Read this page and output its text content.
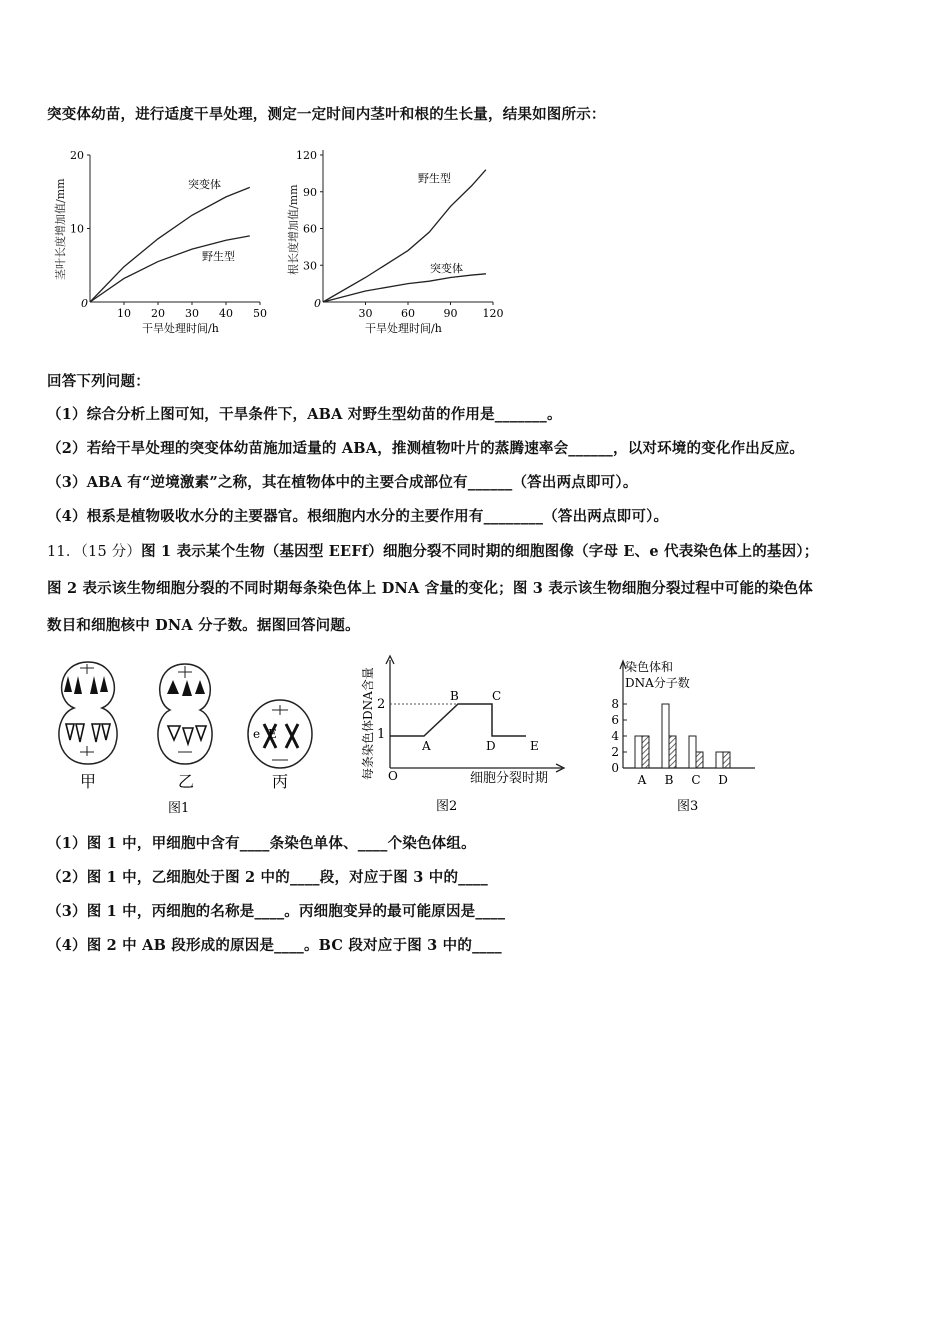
突变体幼苗，进行适度干旱处理，测定一定时间内茎叶和根的生长量，结果如图所示：
茎叶长度增加值/mm
0
20
10
10 20 30 40 50
突变体
野生型
干旱处理时间/h
根长度增加值/mm
0
120
90
60
30
30	60	90 120
野生型
突变体
干旱处理时间/h
回答下列问题：
（1）综合分析上图可知，干旱条件下，ABA 对野生型幼苗的作用是_______。
（2）若给干旱处理的突变体幼苗施加适量的 ABA，推测植物叶片的蒸腾速率会______，以对环境的变化作出反应。
（3）ABA 有“逆境激素”之称，其在植物体中的主要合成部位有______（答出两点即可）。
（4）根系是植物吸收水分的主要器官。根细胞内水分的主要作用有________（答出两点即可）。
11．（15 分）图 1 表示某个生物（基因型 EEFf）细胞分裂不同时期的细胞图像（字母 E、e 代表染色体上的基因）；
图 2 表示该生物细胞分裂的不同时期每条染色体上 DNA 含量的变化；图 3 表示该生物细胞分裂过程中可能的染色体
数目和细胞核中 DNA 分子数。据图回答问题。
甲	乙
e E
丙
图1
每条染色体DNA含量 O
2
1
A
B	C
D	E
细胞分裂时期
图2
染色体和
DNA分子数
8
6
4
2
0
A B C D
图3
（1）图 1 中，甲细胞中含有____条染色单体、____个染色体组。
（2）图 1 中，乙细胞处于图 2 中的____段，对应于图 3 中的____
（3）图 1 中，丙细胞的名称是____。丙细胞变异的最可能原因是____
（4）图 2 中 AB 段形成的原因是____。BC 段对应于图 3 中的____
